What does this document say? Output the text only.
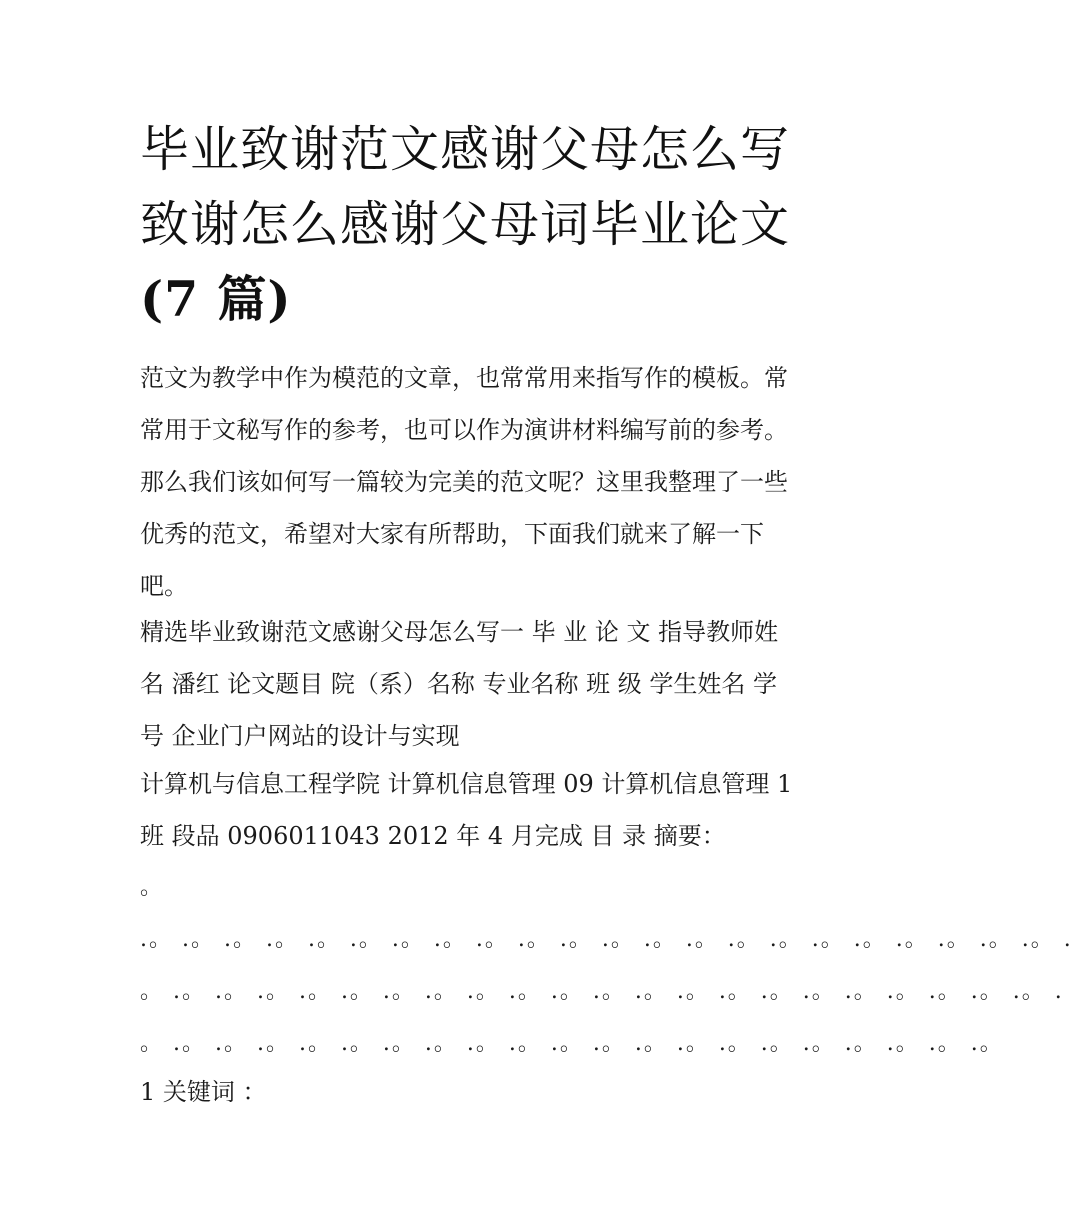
毕业致谢范文感谢父母怎么写
致谢怎么感谢父母词毕业论文
(7 篇)
范文为教学中作为模范的文章，也常常用来指写作的模板。常
常用于文秘写作的参考，也可以作为演讲材料编写前的参考。
那么我们该如何写一篇较为完美的范文呢？这里我整理了一些
优秀的范文，希望对大家有所帮助，下面我们就来了解一下
吧。
精选毕业致谢范文感谢父母怎么写一 毕 业 论 文 指导教师姓
名 潘红 论文题目 院（系）名称 专业名称 班 级 学生姓名 学
号 企业门户网站的设计与实现
计算机与信息工程学院 计算机信息管理 09 计算机信息管理 1
班 段品 0906011043 2012 年 4 月完成 目 录 摘要：
。
.。 .。 .。 .。 .。 .。 .。 .。 .。 .。 .。 .。 .。 .。 .。 .。 .。 .。 .。 .。 .。 .。 .
。 .。 .。 .。 .。 .。 .。 .。 .。 .。 .。 .。 .。 .。 .。 .。 .。 .。 .。 .。 .。 .。 .
。 .。 .。 .。 .。 .。 .。 .。 .。 .。 .。 .。 .。 .。 .。 .。 .。 .。 .。 .。 .。
1 关键词 ：
